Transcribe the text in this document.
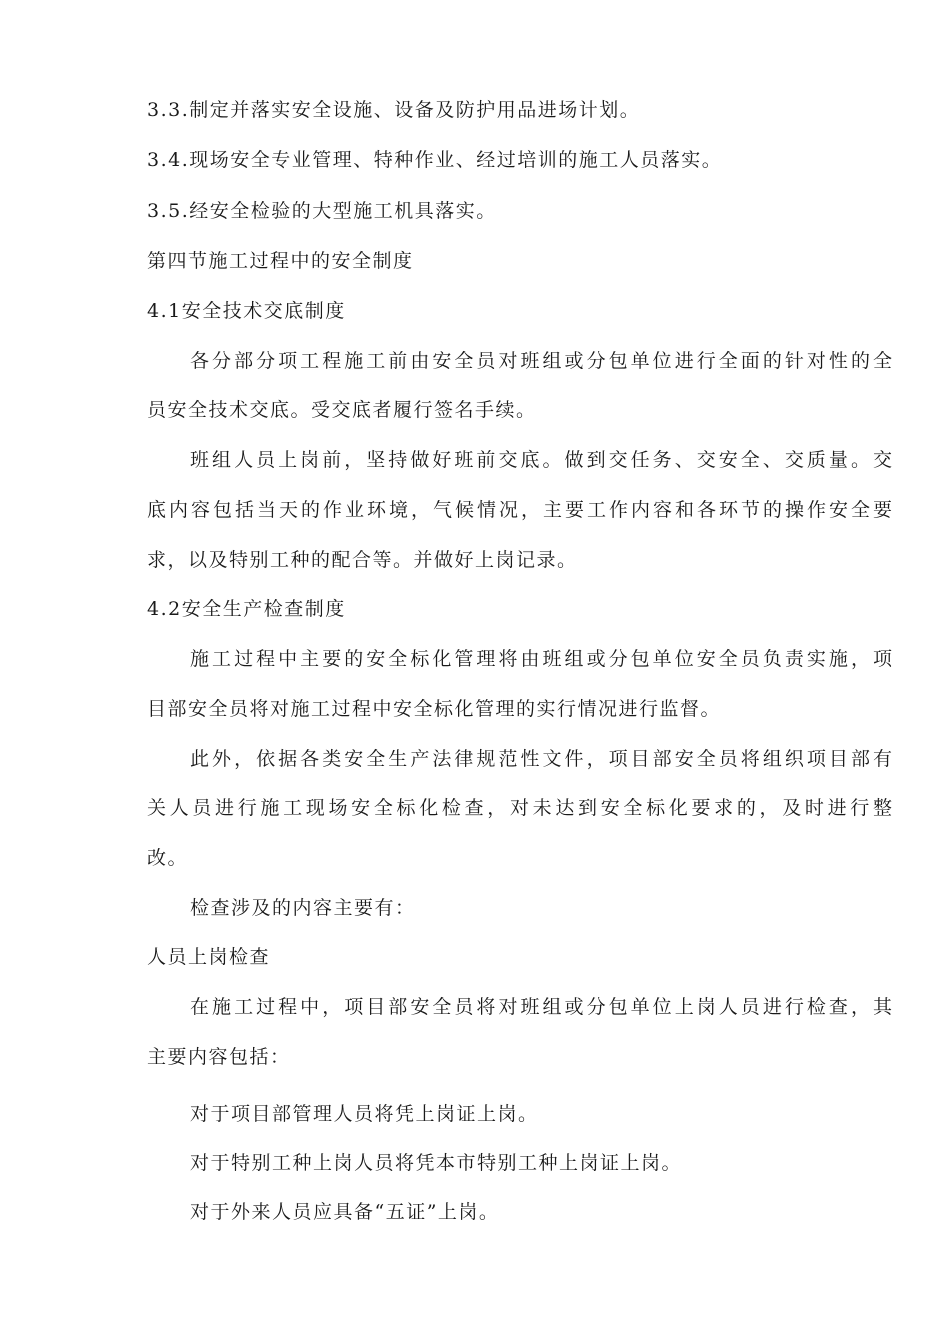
3.3.制定并落实安全设施、设备及防护用品进场计划。
3.4.现场安全专业管理、特种作业、经过培训的施工人员落实。
3.5.经安全检验的大型施工机具落实。
第四节施工过程中的安全制度
4.1安全技术交底制度
各分部分项工程施工前由安全员对班组或分包单位进行全面的针对性的全
员安全技术交底。受交底者履行签名手续。
班组人员上岗前，坚持做好班前交底。做到交任务、交安全、交质量。交
底内容包括当天的作业环境，气候情况，主要工作内容和各环节的操作安全要
求，以及特别工种的配合等。并做好上岗记录。
4.2安全生产检查制度
施工过程中主要的安全标化管理将由班组或分包单位安全员负责实施，项
目部安全员将对施工过程中安全标化管理的实行情况进行监督。
此外，依据各类安全生产法律规范性文件，项目部安全员将组织项目部有
关人员进行施工现场安全标化检查，对未达到安全标化要求的，及时进行整
改。
检查涉及的内容主要有：
人员上岗检查
在施工过程中，项目部安全员将对班组或分包单位上岗人员进行检查，其
主要内容包括：
对于项目部管理人员将凭上岗证上岗。
对于特别工种上岗人员将凭本市特别工种上岗证上岗。
对于外来人员应具备“五证”上岗。
